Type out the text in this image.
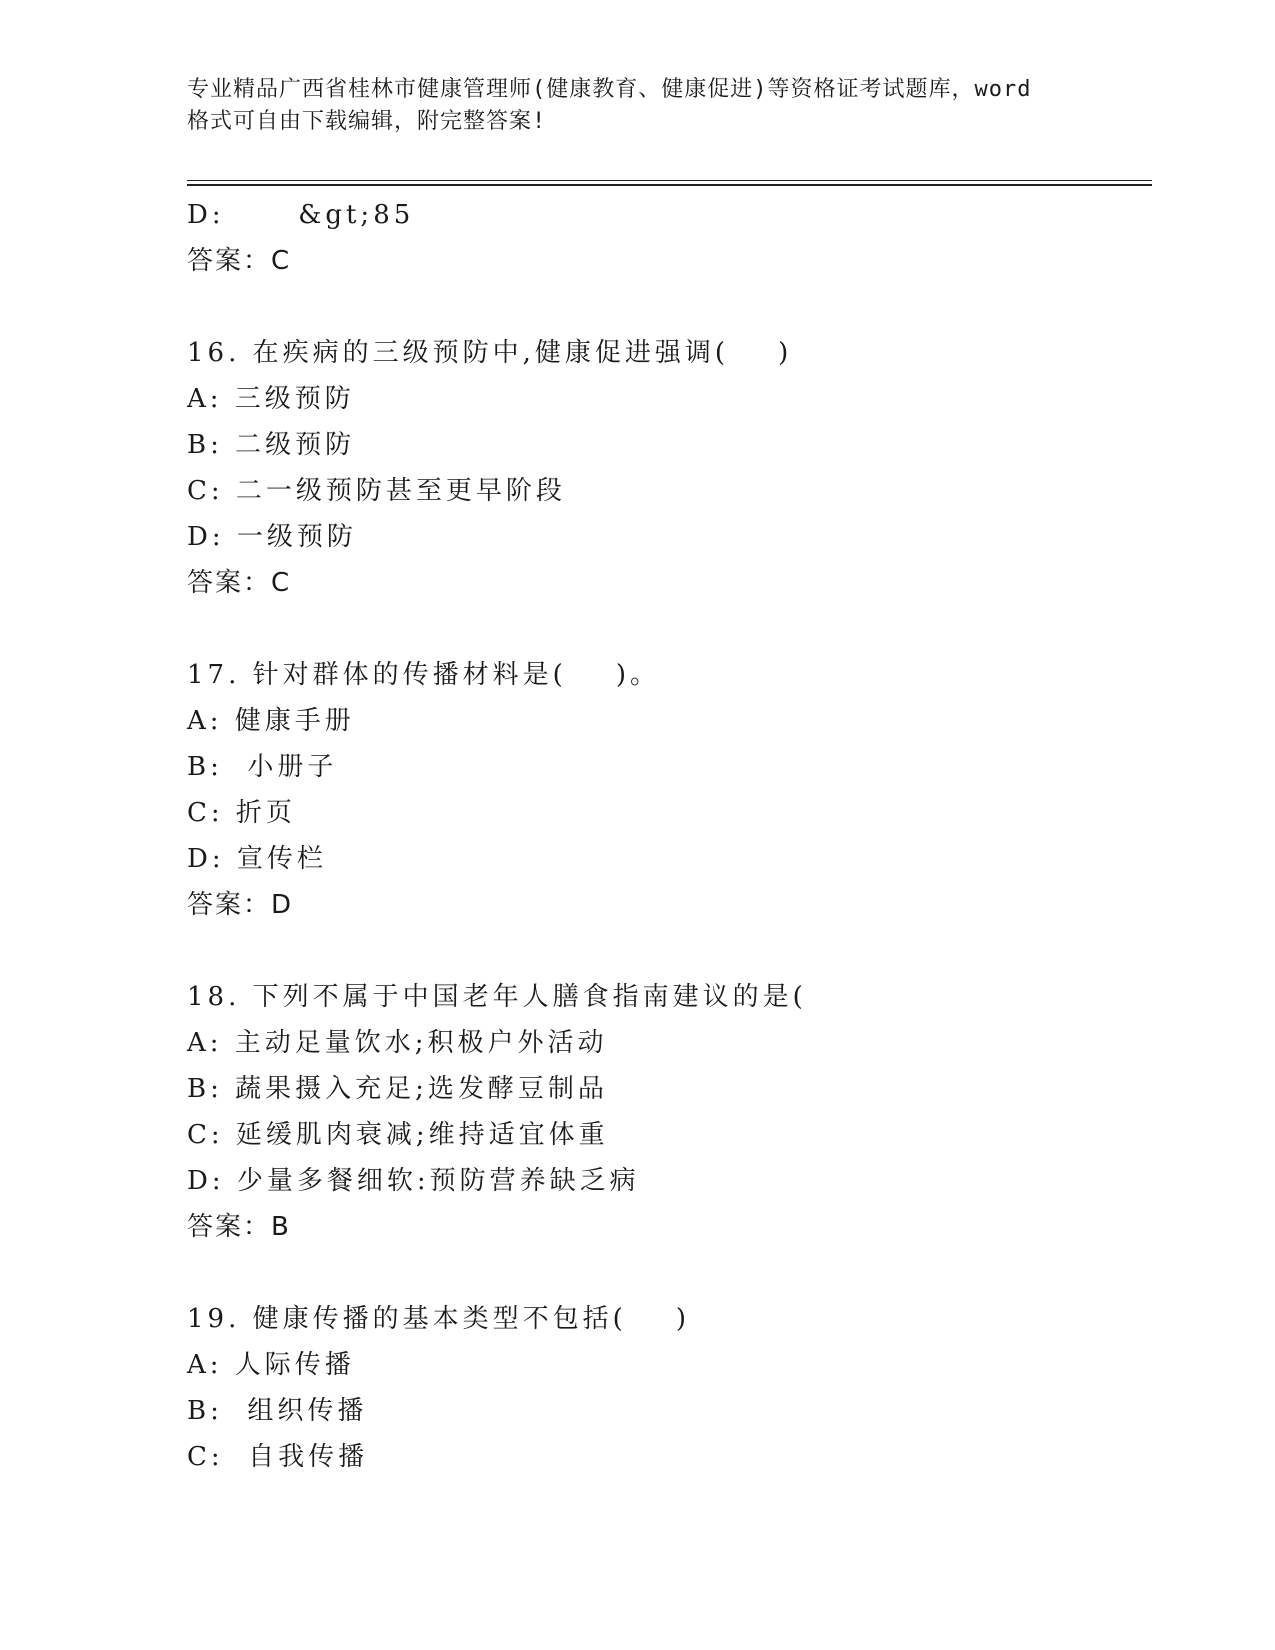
专业精品广西省桂林市健康管理师(健康教育、健康促进)等资格证考试题库，word
格式可自由下载编辑，附完整答案!
D:      &gt;85
答案：C
16. 在疾病的三级预防中,健康促进强调(    )
A: 三级预防
B: 二级预防
C: 二一级预防甚至更早阶段
D: 一级预防
答案：C
17. 针对群体的传播材料是(    )。
A: 健康手册
B:  小册子
C: 折页
D: 宣传栏
答案：D
18. 下列不属于中国老年人膳食指南建议的是(
A: 主动足量饮水;积极户外活动
B: 蔬果摄入充足;选发酵豆制品
C: 延缓肌肉衰减;维持适宜体重
D: 少量多餐细软:预防营养缺乏病
答案：B
19. 健康传播的基本类型不包括(    )
A: 人际传播
B:  组织传播
C:  自我传播
